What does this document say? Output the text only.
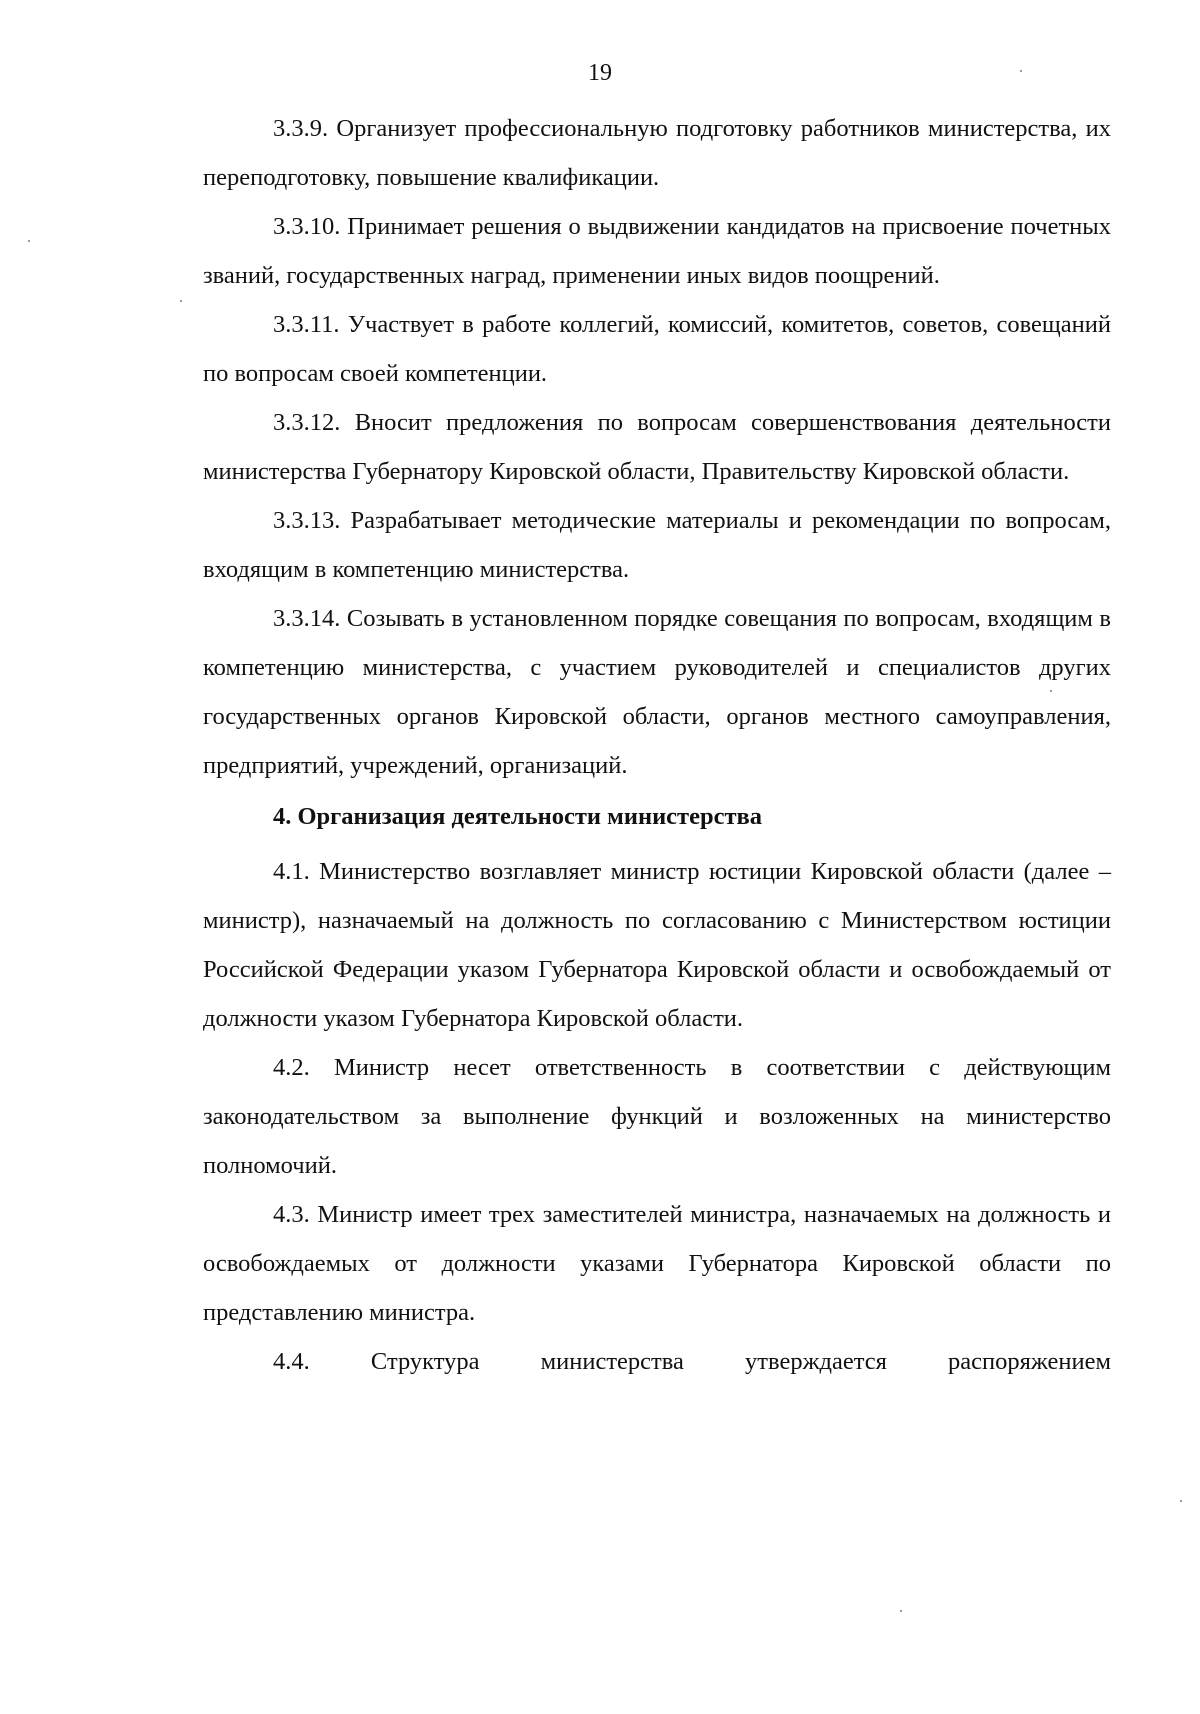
19

3.3.9. Организует профессиональную подготовку работников министерства, их переподготовку, повышение квалификации.

3.3.10. Принимает решения о выдвижении кандидатов на присвоение почетных званий, государственных наград, применении иных видов поощрений.

3.3.11. Участвует в работе коллегий, комиссий, комитетов, советов, совещаний по вопросам своей компетенции.

3.3.12. Вносит предложения по вопросам совершенствования деятельности министерства Губернатору Кировской области, Правительству Кировской области.

3.3.13. Разрабатывает методические материалы и рекомендации по вопросам, входящим в компетенцию министерства.

3.3.14. Созывать в установленном порядке совещания по вопросам, входящим в компетенцию министерства, с участием руководителей и специалистов других государственных органов Кировской области, органов местного самоуправления, предприятий, учреждений, организаций.

4. Организация деятельности министерства

4.1. Министерство возглавляет министр юстиции Кировской области (далее – министр), назначаемый на должность по согласованию с Министерством юстиции Российской Федерации указом Губернатора Кировской области и освобождаемый от должности указом Губернатора Кировской области.

4.2. Министр несет ответственность в соответствии с действующим законодательством за выполнение функций и возложенных на министерство полномочий.

4.3. Министр имеет трех заместителей министра, назначаемых на должность и освобождаемых от должности указами Губернатора Кировской области по представлению министра.

4.4. Структура министерства утверждается распоряжением
